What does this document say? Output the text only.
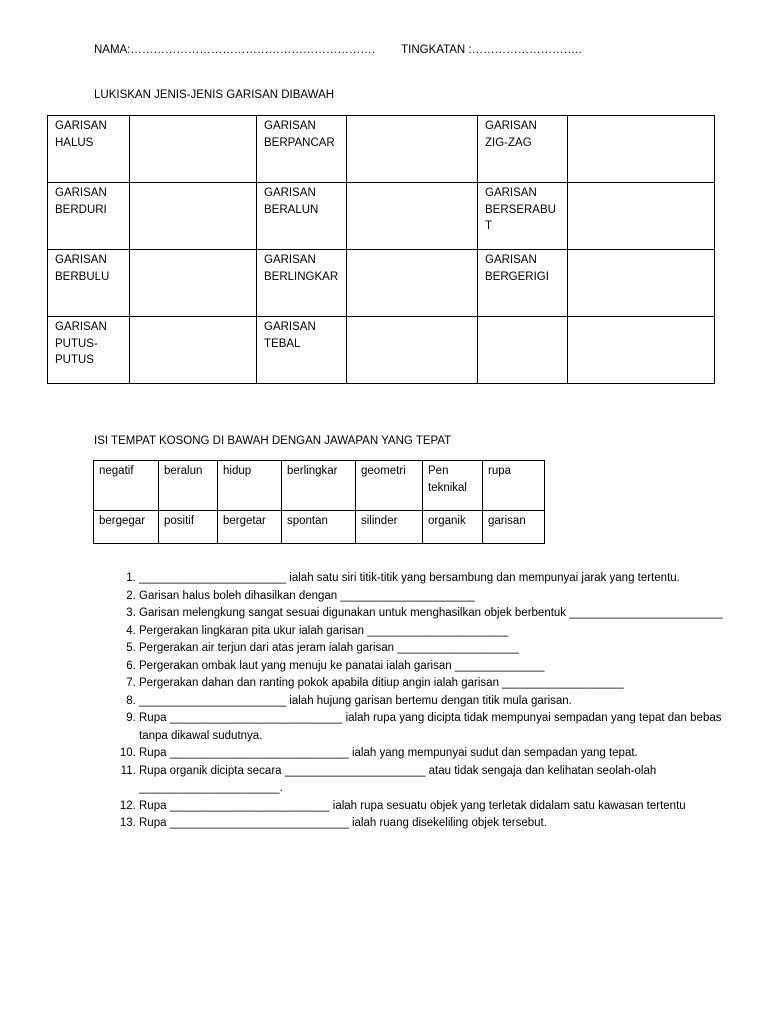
NAMA:………………………………………………………. TINGKATAN :………………………..
LUKISKAN JENIS-JENIS GARISAN DIBAWAH
GARISAN HALUS		GARISAN BERPANCAR		GARISAN ZIG-ZAG	
GARISAN BERDURI		GARISAN BERALUN		GARISAN BERSERABUT	
GARISAN BERBULU		GARISAN BERLINGKAR		GARISAN BERGERIGI	
GARISAN PUTUS-PUTUS		GARISAN TEBAL			
ISI TEMPAT KOSONG DI BAWAH DENGAN JAWAPAN YANG TEPAT
negatif	beralun	hidup	berlingkar	geometri	Pen teknikal	rupa
bergegar	positif	bergetar	spontan	silinder	organik	garisan
1. _______________________ ialah satu siri titik-titik yang bersambung dan mempunyai jarak yang tertentu.
2. Garisan halus boleh dihasilkan dengan _____________________
3. Garisan melengkung sangat sesuai digunakan untuk menghasilkan objek berbentuk ________________________
4. Pergerakan lingkaran pita ukur ialah garisan ______________________
5. Pergerakan air terjun dari atas jeram ialah garisan ___________________
6. Pergerakan ombak laut yang menuju ke panatai ialah garisan ______________
7. Pergerakan dahan dan ranting pokok apabila ditiup angin ialah garisan ___________________
8. _______________________ ialah hujung garisan bertemu dengan titik mula garisan.
9. Rupa ___________________________ ialah rupa yang dicipta tidak mempunyai sempadan yang tepat dan bebas tanpa dikawal sudutnya.
10. Rupa ____________________________ ialah yang mempunyai sudut dan sempadan yang tepat.
11. Rupa organik dicipta secara ______________________ atau tidak sengaja dan kelihatan seolah-olah ______________________.
12. Rupa _________________________ ialah rupa sesuatu objek yang terletak didalam satu kawasan tertentu
13. Rupa ____________________________ ialah ruang disekeliling objek tersebut.
